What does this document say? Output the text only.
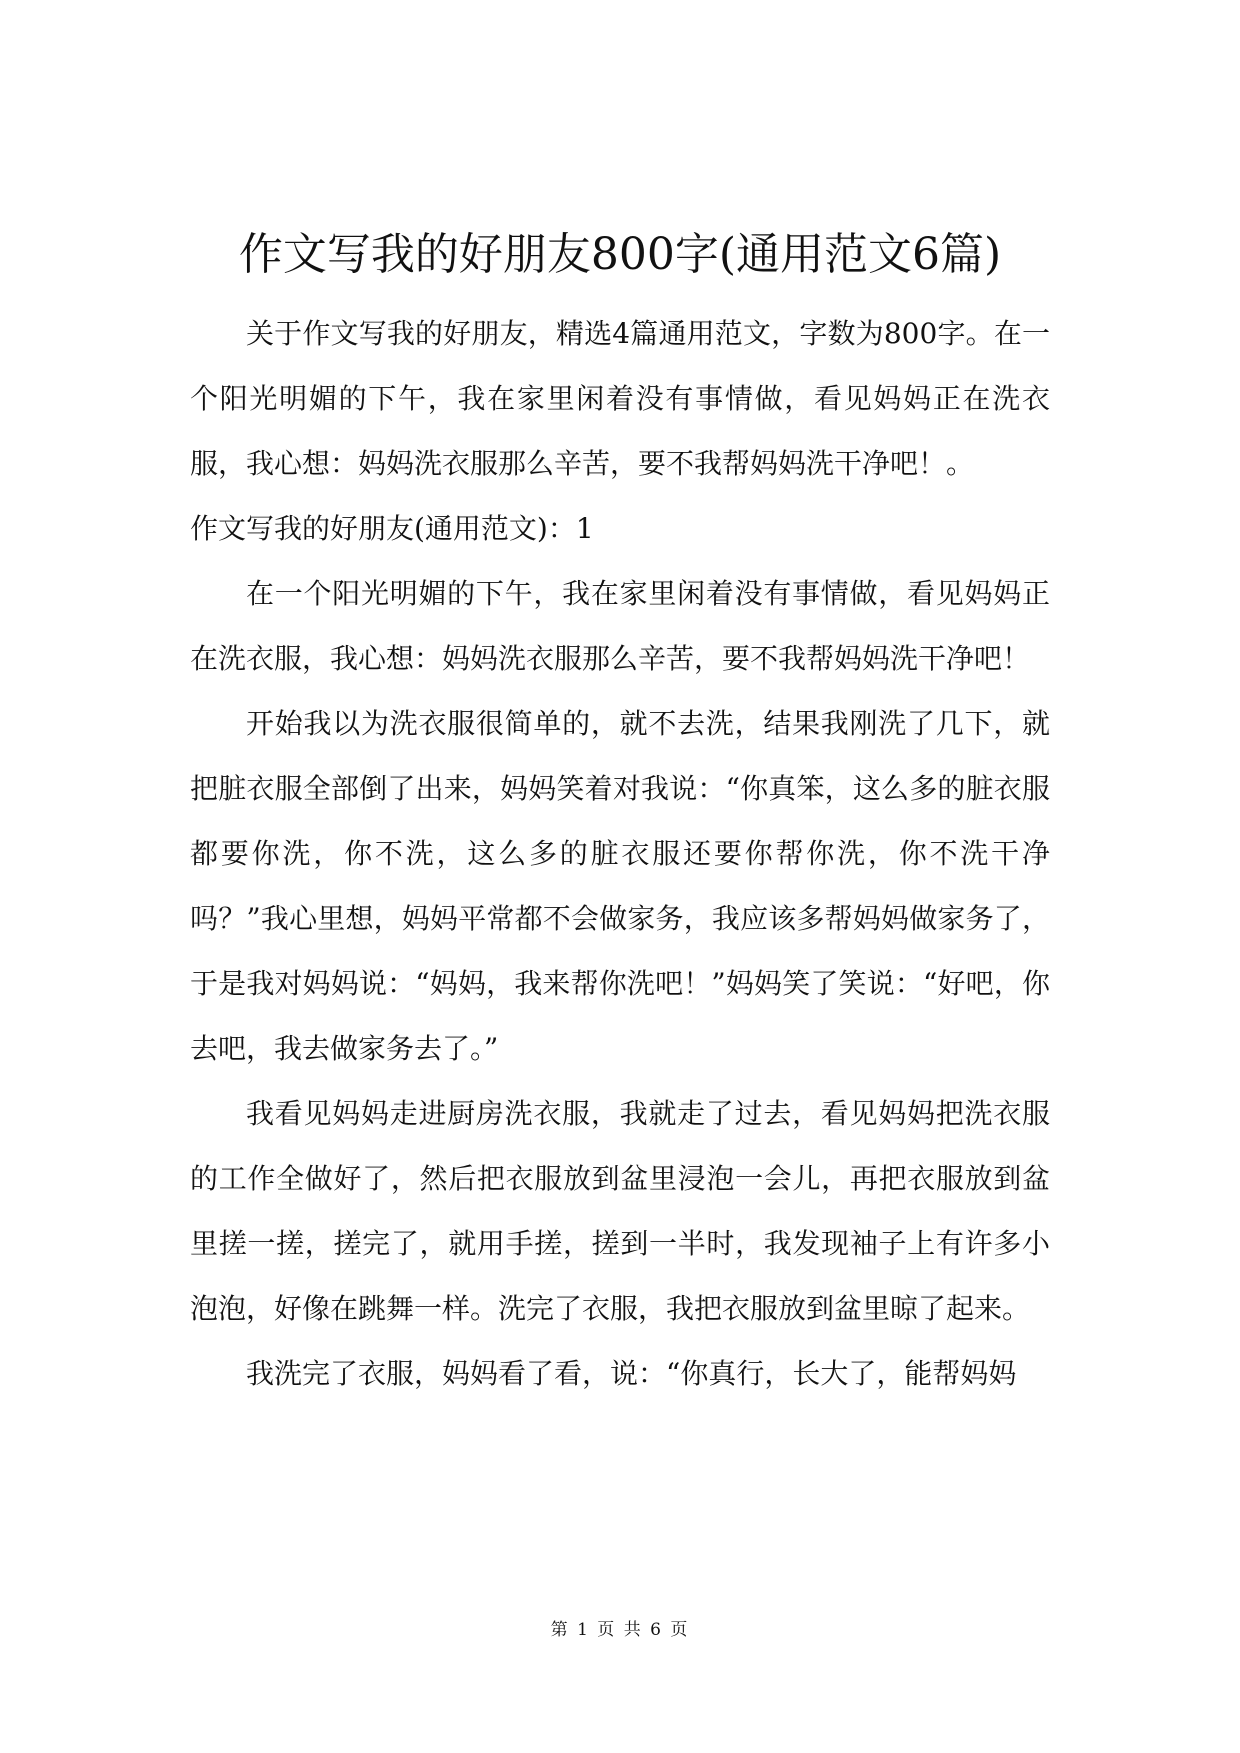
作文写我的好朋友800字(通用范文6篇)

关于作文写我的好朋友，精选4篇通用范文，字数为800字。在一个阳光明媚的下午，我在家里闲着没有事情做，看见妈妈正在洗衣服，我心想：妈妈洗衣服那么辛苦，要不我帮妈妈洗干净吧！。

作文写我的好朋友(通用范文)：1

在一个阳光明媚的下午，我在家里闲着没有事情做，看见妈妈正在洗衣服，我心想：妈妈洗衣服那么辛苦，要不我帮妈妈洗干净吧！

开始我以为洗衣服很简单的，就不去洗，结果我刚洗了几下，就把脏衣服全部倒了出来，妈妈笑着对我说：“你真笨，这么多的脏衣服都要你洗，你不洗，这么多的脏衣服还要你帮你洗，你不洗干净吗？”我心里想，妈妈平常都不会做家务，我应该多帮妈妈做家务了，于是我对妈妈说：“妈妈，我来帮你洗吧！”妈妈笑了笑说：“好吧，你去吧，我去做家务去了。”

我看见妈妈走进厨房洗衣服，我就走了过去，看见妈妈把洗衣服的工作全做好了，然后把衣服放到盆里浸泡一会儿，再把衣服放到盆里搓一搓，搓完了，就用手搓，搓到一半时，我发现袖子上有许多小泡泡，好像在跳舞一样。洗完了衣服，我把衣服放到盆里晾了起来。

我洗完了衣服，妈妈看了看，说：“你真行，长大了，能帮妈妈

第 1 页 共 6 页
